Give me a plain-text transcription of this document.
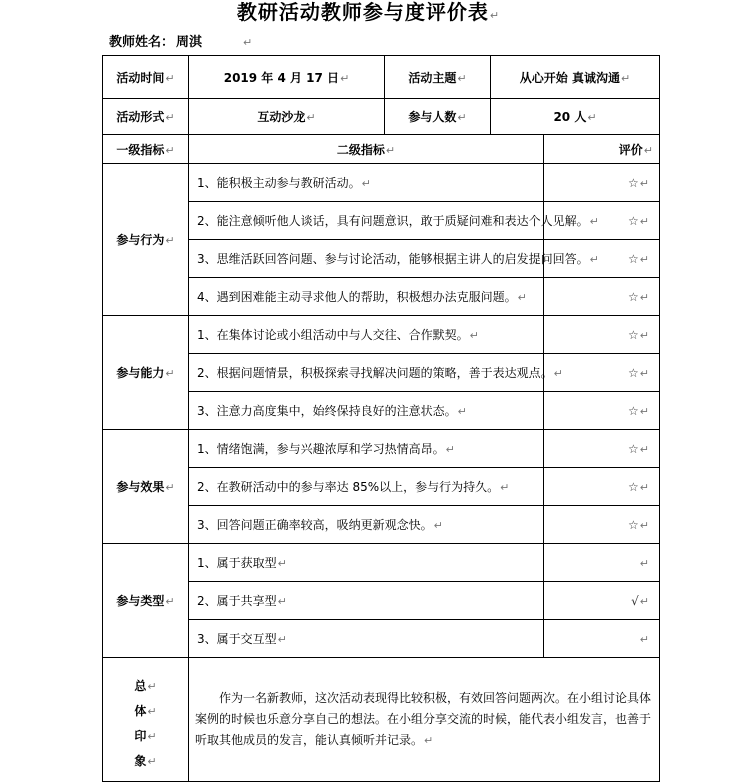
教研活动教师参与度评价表↵
教师姓名： 周淇	↵
活动时间↵	2019 年 4 月 17 日↵	活动主题↵	从心开始 真诚沟通↵	
活动形式↵	互动沙龙↵	参与人数↵	20 人↵	
一级指标↵	二级指标↵			评价↵
参与行为↵	1、能积极主动参与教研活动。↵			☆↵
	2、能注意倾听他人谈话，具有问题意识，敢于质疑问难和表达个人见解。↵			☆↵
	3、思维活跃回答问题、参与讨论活动，能够根据主讲人的启发提问回答。↵			☆↵
	4、遇到困难能主动寻求他人的帮助，积极想办法克服问题。↵			☆↵
参与能力↵	1、在集体讨论或小组活动中与人交往、合作默契。↵			☆↵
	2、根据问题情景，积极探索寻找解决问题的策略，善于表达观点。↵			☆↵
	3、注意力高度集中，始终保持良好的注意状态。↵			☆↵
参与效果↵	1、情绪饱满，参与兴趣浓厚和学习热情高昂。↵			☆↵
	2、在教研活动中的参与率达 85%以上，参与行为持久。↵			☆↵
	3、回答问题正确率较高，吸纳更新观念快。↵			☆↵
参与类型↵	1、属于获取型↵			↵
	2、属于共享型↵			√↵
	3、属于交互型↵			↵

总↵
体↵
印↵
象↵	作为一名新教师，这次活动表现得比较积极，有效回答问题两次。在小组讨论具体案例的时候也乐意分享自己的想法。在小组分享交流的时候，能代表小组发言，也善于听取其他成员的发言，能认真倾听并记录。↵			
